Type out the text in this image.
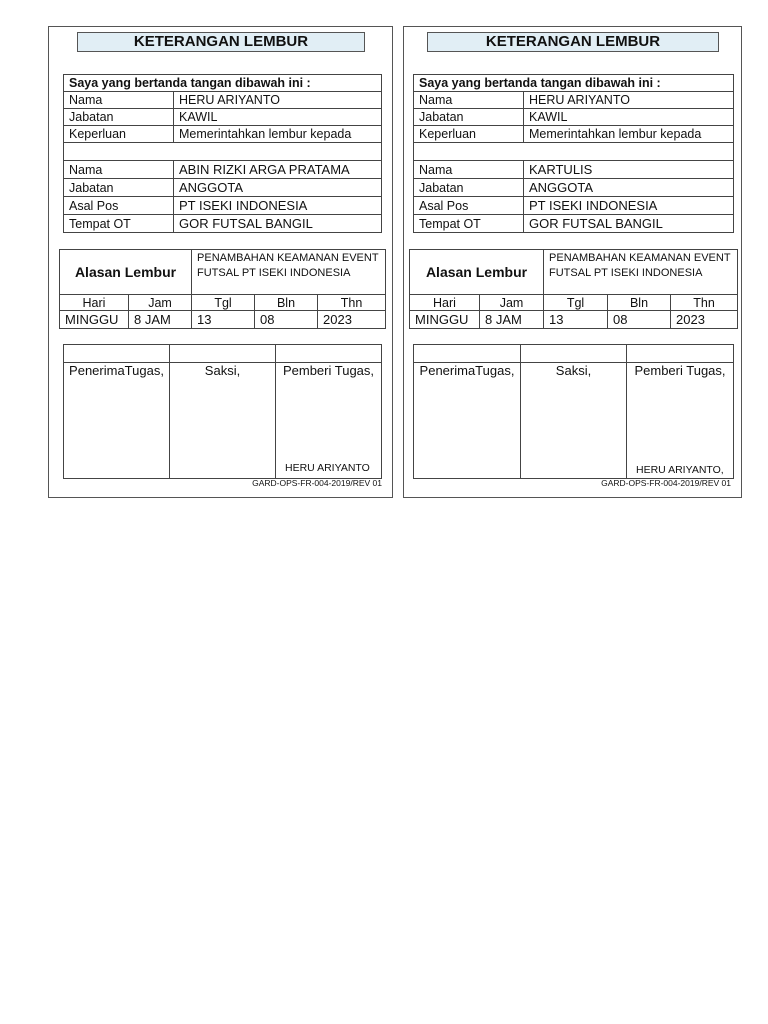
KETERANGAN LEMBUR
Saya yang bertanda tangan dibawah ini :	
Nama	HERU ARIYANTO
Jabatan	KAWIL
Keperluan	Memerintahkan lembur kepada

Nama	ABIN RIZKI ARGA PRATAMA
Jabatan	ANGGOTA
Asal Pos	PT ISEKI INDONESIA
Tempat OT	GOR FUTSAL BANGIL
Alasan Lembur		PENAMBAHAN KEAMANAN EVENT FUTSAL PT ISEKI INDONESIA		
Hari	Jam	Tgl	Bln	Thn
MINGGU	8 JAM	13	08	2023

PenerimaTugas,	Saksi,	Pemberi Tugas,
HERU ARIYANTO
GARD-OPS-FR-004-2019/REV 01
KETERANGAN LEMBUR
Saya yang bertanda tangan dibawah ini :	
Nama	HERU ARIYANTO
Jabatan	KAWIL
Keperluan	Memerintahkan lembur kepada

Nama	KARTULIS
Jabatan	ANGGOTA
Asal Pos	PT ISEKI INDONESIA
Tempat OT	GOR FUTSAL BANGIL
Alasan Lembur		PENAMBAHAN KEAMANAN EVENT FUTSAL PT ISEKI INDONESIA		
Hari	Jam	Tgl	Bln	Thn
MINGGU	8 JAM	13	08	2023

PenerimaTugas,	Saksi,	Pemberi Tugas,
HERU ARIYANTO,
GARD-OPS-FR-004-2019/REV 01
